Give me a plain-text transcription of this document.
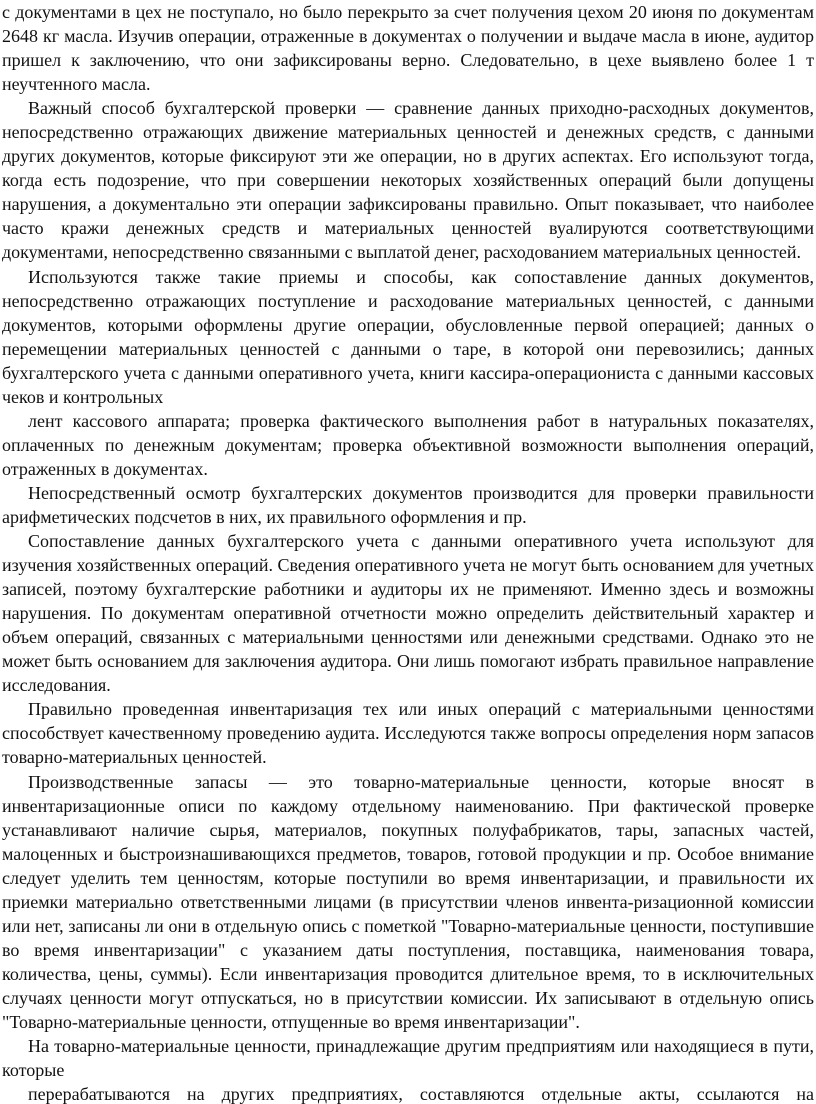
с документами в цех не поступало, но было перекрыто за счет получения цехом 20 июня по документам 2648 кг масла. Изучив операции, отраженные в документах о получении и выдаче масла в июне, аудитор пришел к заключению, что они зафиксированы верно. Следовательно, в цехе выявлено более 1 т неучтенного масла.

Важный способ бухгалтерской проверки — сравнение данных приходно-расходных документов, непосредственно отражающих движение материальных ценностей и денежных средств, с данными других документов, которые фиксируют эти же операции, но в других аспектах. Его используют тогда, когда есть подозрение, что при совершении некоторых хозяйственных операций были допущены нарушения, а документально эти операции зафиксированы правильно. Опыт показывает, что наиболее часто кражи денежных средств и материальных ценностей вуалируются соответствующими документами, непосредственно связанными с выплатой денег, расходованием материальных ценностей.

Используются также такие приемы и способы, как сопоставление данных документов, непосредственно отражающих поступление и расходование материальных ценностей, с данными документов, которыми оформлены другие операции, обусловленные первой операцией; данных о перемещении материальных ценностей с данными о таре, в которой они перевозились; данных бухгалтерского учета с данными оперативного учета, книги кассира-операциониста с данными кассовых чеков и контрольных

лент кассового аппарата; проверка фактического выполнения работ в натуральных показателях, оплаченных по денежным документам; проверка объективной возможности выполнения операций, отраженных в документах.

Непосредственный осмотр бухгалтерских документов производится для проверки правильности арифметических подсчетов в них, их правильного оформления и пр.

Сопоставление данных бухгалтерского учета с данными оперативного учета используют для изучения хозяйственных операций. Сведения оперативного учета не могут быть основанием для учетных записей, поэтому бухгалтерские работники и аудиторы их не применяют. Именно здесь и возможны нарушения. По документам оперативной отчетности можно определить действительный характер и объем операций, связанных с материальными ценностями или денежными средствами. Однако это не может быть основанием для заключения аудитора. Они лишь помогают избрать правильное направление исследования.

Правильно проведенная инвентаризация тех или иных операций с материальными ценностями способствует качественному проведению аудита. Исследуются также вопросы определения норм запасов товарно-материальных ценностей.

Производственные запасы — это товарно-материальные ценности, которые вносят в инвентаризационные описи по каждому отдельному наименованию. При фактической проверке устанавливают наличие сырья, материалов, покупных полуфабрикатов, тары, запасных частей, малоценных и быстроизнашивающихся предметов, товаров, готовой продукции и пр. Особое внимание следует уделить тем ценностям, которые поступили во время инвентаризации, и правильности их приемки материально ответственными лицами (в присутствии членов инвента-ризационной комиссии или нет, записаны ли они в отдельную опись с пометкой "Товарно-материальные ценности, поступившие во время инвентаризации" с указанием даты поступления, поставщика, наименования товара, количества, цены, суммы). Если инвентаризация проводится длительное время, то в исключительных случаях ценности могут отпускаться, но в присутствии комиссии. Их записывают в отдельную опись "Товарно-материальные ценности, отпущенные во время инвентаризации".

На товарно-материальные ценности, принадлежащие другим предприятиям или находящиеся в пути, которые

перерабатываются на других предприятиях, составляются отдельные акты, ссылаются на
